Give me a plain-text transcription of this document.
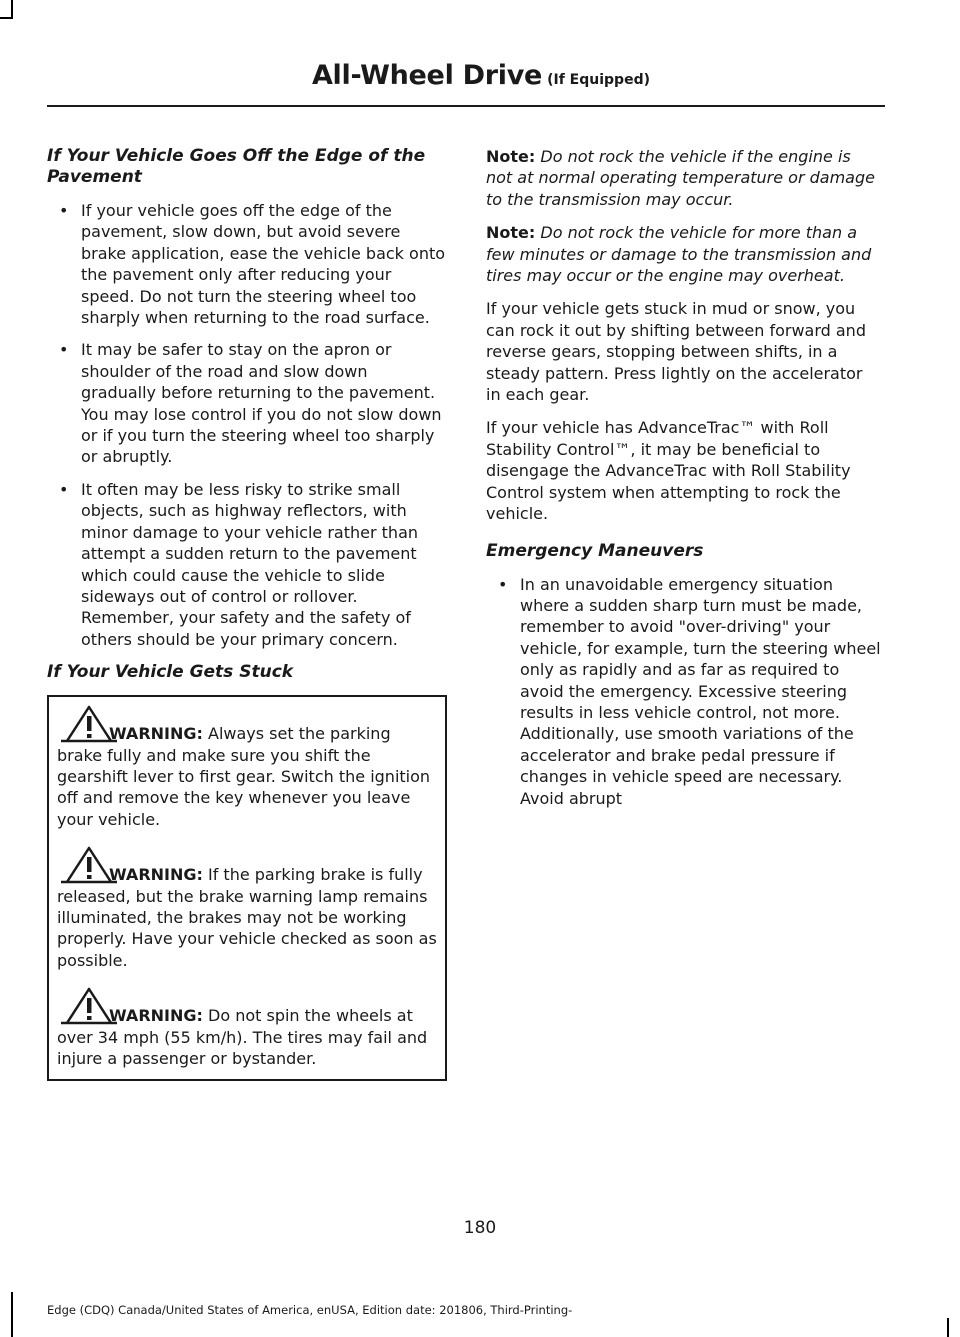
All-Wheel Drive (If Equipped)
If Your Vehicle Goes Off the Edge of the Pavement
• If your vehicle goes off the edge of the pavement, slow down, but avoid severe brake application, ease the vehicle back onto the pavement only after reducing your speed. Do not turn the steering wheel too sharply when returning to the road surface.
• It may be safer to stay on the apron or shoulder of the road and slow down gradually before returning to the pavement. You may lose control if you do not slow down or if you turn the steering wheel too sharply or abruptly.
• It often may be less risky to strike small objects, such as highway reflectors, with minor damage to your vehicle rather than attempt a sudden return to the pavement which could cause the vehicle to slide sideways out of control or rollover. Remember, your safety and the safety of others should be your primary concern.
If Your Vehicle Gets Stuck
WARNING: Always set the parking brake fully and make sure you shift the gearshift lever to first gear. Switch the ignition off and remove the key whenever you leave your vehicle.
WARNING: If the parking brake is fully released, but the brake warning lamp remains illuminated, the brakes may not be working properly. Have your vehicle checked as soon as possible.
WARNING: Do not spin the wheels at over 34 mph (55 km/h). The tires may fail and injure a passenger or bystander.

Note: Do not rock the vehicle if the engine is not at normal operating temperature or damage to the transmission may occur.

Note: Do not rock the vehicle for more than a few minutes or damage to the transmission and tires may occur or the engine may overheat.

If your vehicle gets stuck in mud or snow, you can rock it out by shifting between forward and reverse gears, stopping between shifts, in a steady pattern. Press lightly on the accelerator in each gear.

If your vehicle has AdvanceTrac™ with Roll Stability Control™, it may be beneficial to disengage the AdvanceTrac with Roll Stability Control system when attempting to rock the vehicle.

Emergency Maneuvers
• In an unavoidable emergency situation where a sudden sharp turn must be made, remember to avoid "over-driving" your vehicle, for example, turn the steering wheel only as rapidly and as far as required to avoid the emergency. Excessive steering results in less vehicle control, not more. Additionally, use smooth variations of the accelerator and brake pedal pressure if changes in vehicle speed are necessary. Avoid abrupt
180
Edge (CDQ) Canada/United States of America, enUSA, Edition date: 201806, Third-Printing-
